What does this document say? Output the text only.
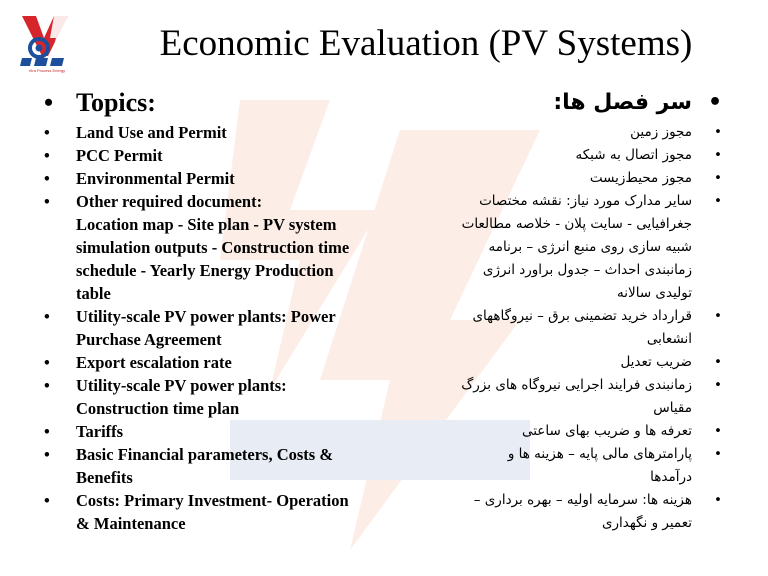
Vira Process Energy
Economic Evaluation (PV Systems)
• Topics:
• Land Use and Permit
• PCC Permit
• Environmental Permit
• Other required document:
Location map - Site plan - PV system
simulation outputs - Construction time
schedule - Yearly Energy Production
table
• Utility-scale PV power plants: Power
Purchase Agreement
• Export escalation rate
• Utility-scale PV power plants:
Construction time plan
• Tariffs
• Basic Financial parameters, Costs &
Benefits
• Costs: Primary Investment- Operation
& Maintenance
•
سر فصل ها:
•
مجوز زمین
•
مجوز اتصال به شبکه
•
مجوز محیط‌زیست
•
سایر مدارک مورد نیاز: نقشه مختصات
جغرافیایی - سایت پلان - خلاصه مطالعات
شبیه سازی روی منبع انرژی – برنامه
زمانبندی احداث – جدول براورد انرژی
تولیدی سالانه
•
قرارداد خرید تضمینی برق – نیروگاههای
انشعابی
•
ضریب تعدیل
•
زمانبندی فرایند اجرایی نیروگاه های بزرگ
مقیاس
•
تعرفه ها و ضریب بهای ساعتی
•
پارامترهای مالی پایه – هزینه ها و
درآمدها
•
هزینه ها: سرمایه اولیه – بهره برداری –
تعمیر و نگهداری
